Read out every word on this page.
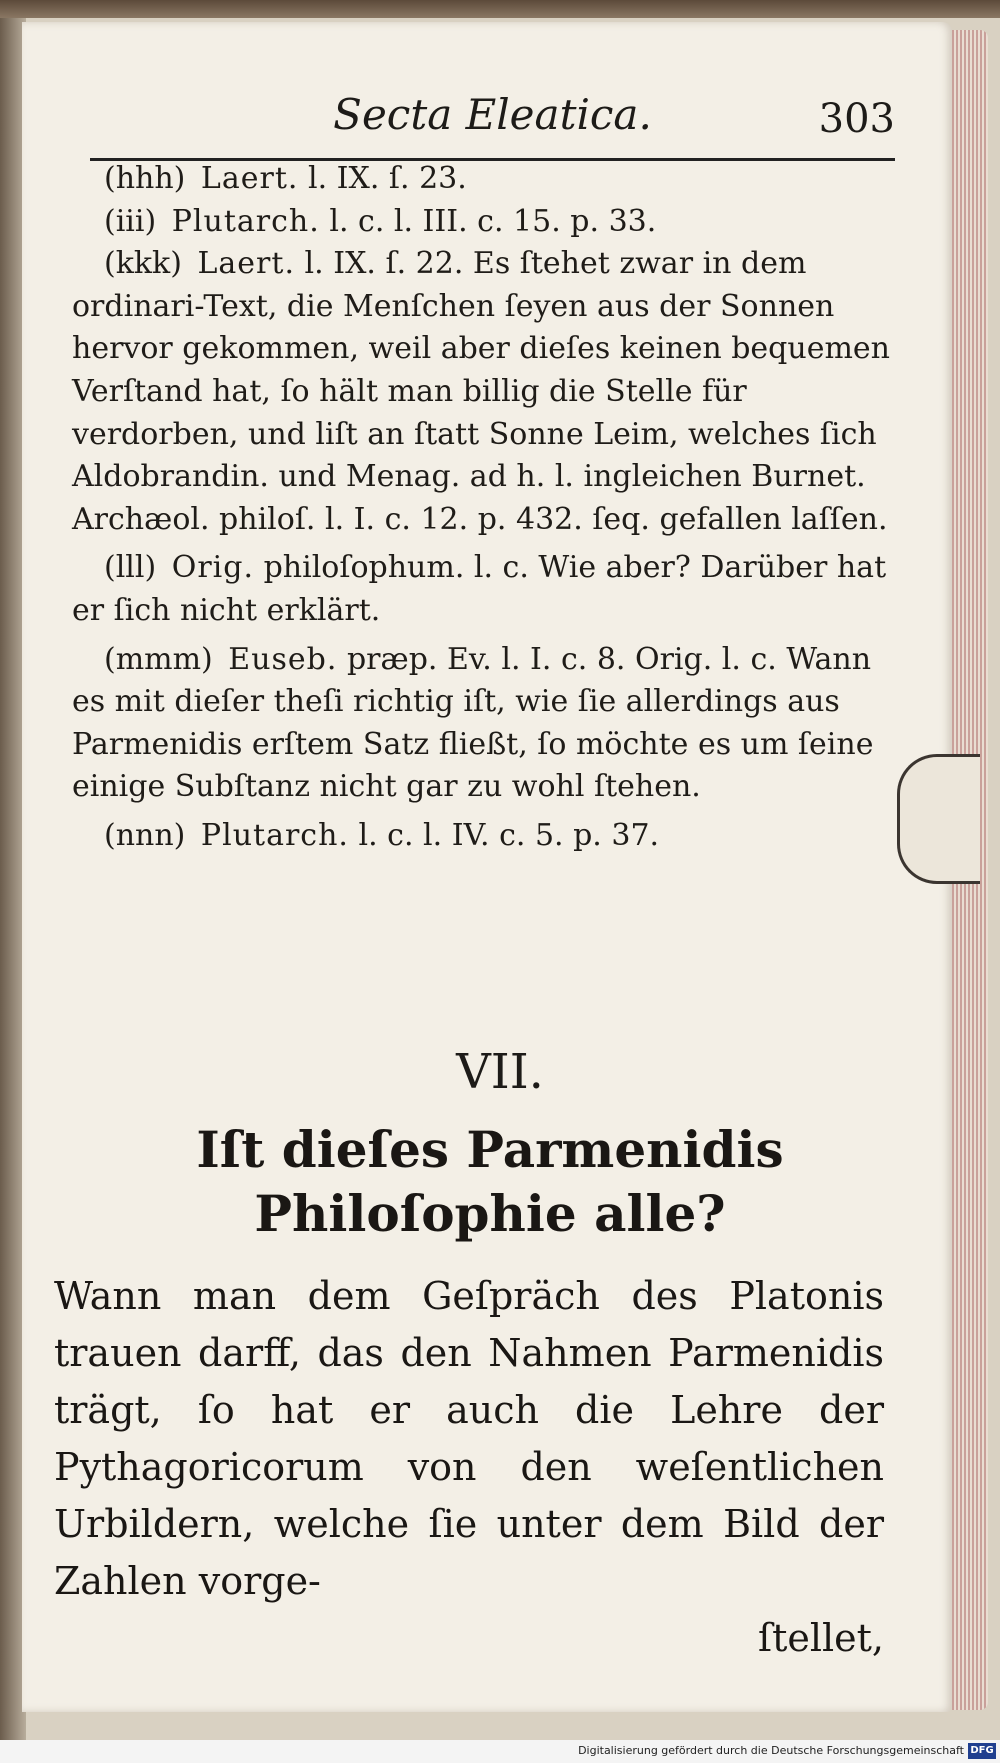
Secta Eleatica.	303

(hhh) Laert. l. IX. ſ. 23.

(iii) Plutarch. l. c. l. III. c. 15. p. 33.

(kkk) Laert. l. IX. ſ. 22. Es ſtehet zwar in dem ordinari-Text, die Menſchen ſeyen aus der Sonnen hervor gekommen, weil aber dieſes keinen bequemen Verſtand hat, ſo hält man billig die Stelle für verdorben, und liſt an ſtatt Sonne Leim, welches ſich Aldobrandin. und Menag. ad h. l. ingleichen Burnet. Archæol. philoſ. l. I. c. 12. p. 432. ſeq. gefallen laſſen.

(lll) Orig. philoſophum. l. c. Wie aber? Darüber hat er ſich nicht erklärt.

(mmm) Euseb. præp. Ev. l. I. c. 8. Orig. l. c. Wann es mit dieſer theſi richtig iſt, wie ſie allerdings aus Parmenidis erſtem Satz fließt, ſo möchte es um ſeine einige Subſtanz nicht gar zu wohl ſtehen.

(nnn) Plutarch. l. c. l. IV. c. 5. p. 37.

VII.
Iſt dieſes Parmenidis Philoſophie alle?
Wann man dem Geſpräch des Platonis trauen darff, das den Nahmen Parmenidis trägt, ſo hat er auch die Lehre der Pythagoricorum von den weſentlichen Urbildern, welche ſie unter dem Bild der Zahlen vorge-
ſtellet,
Digitalisierung gefördert durch die Deutsche Forschungsgemeinschaft DFG
